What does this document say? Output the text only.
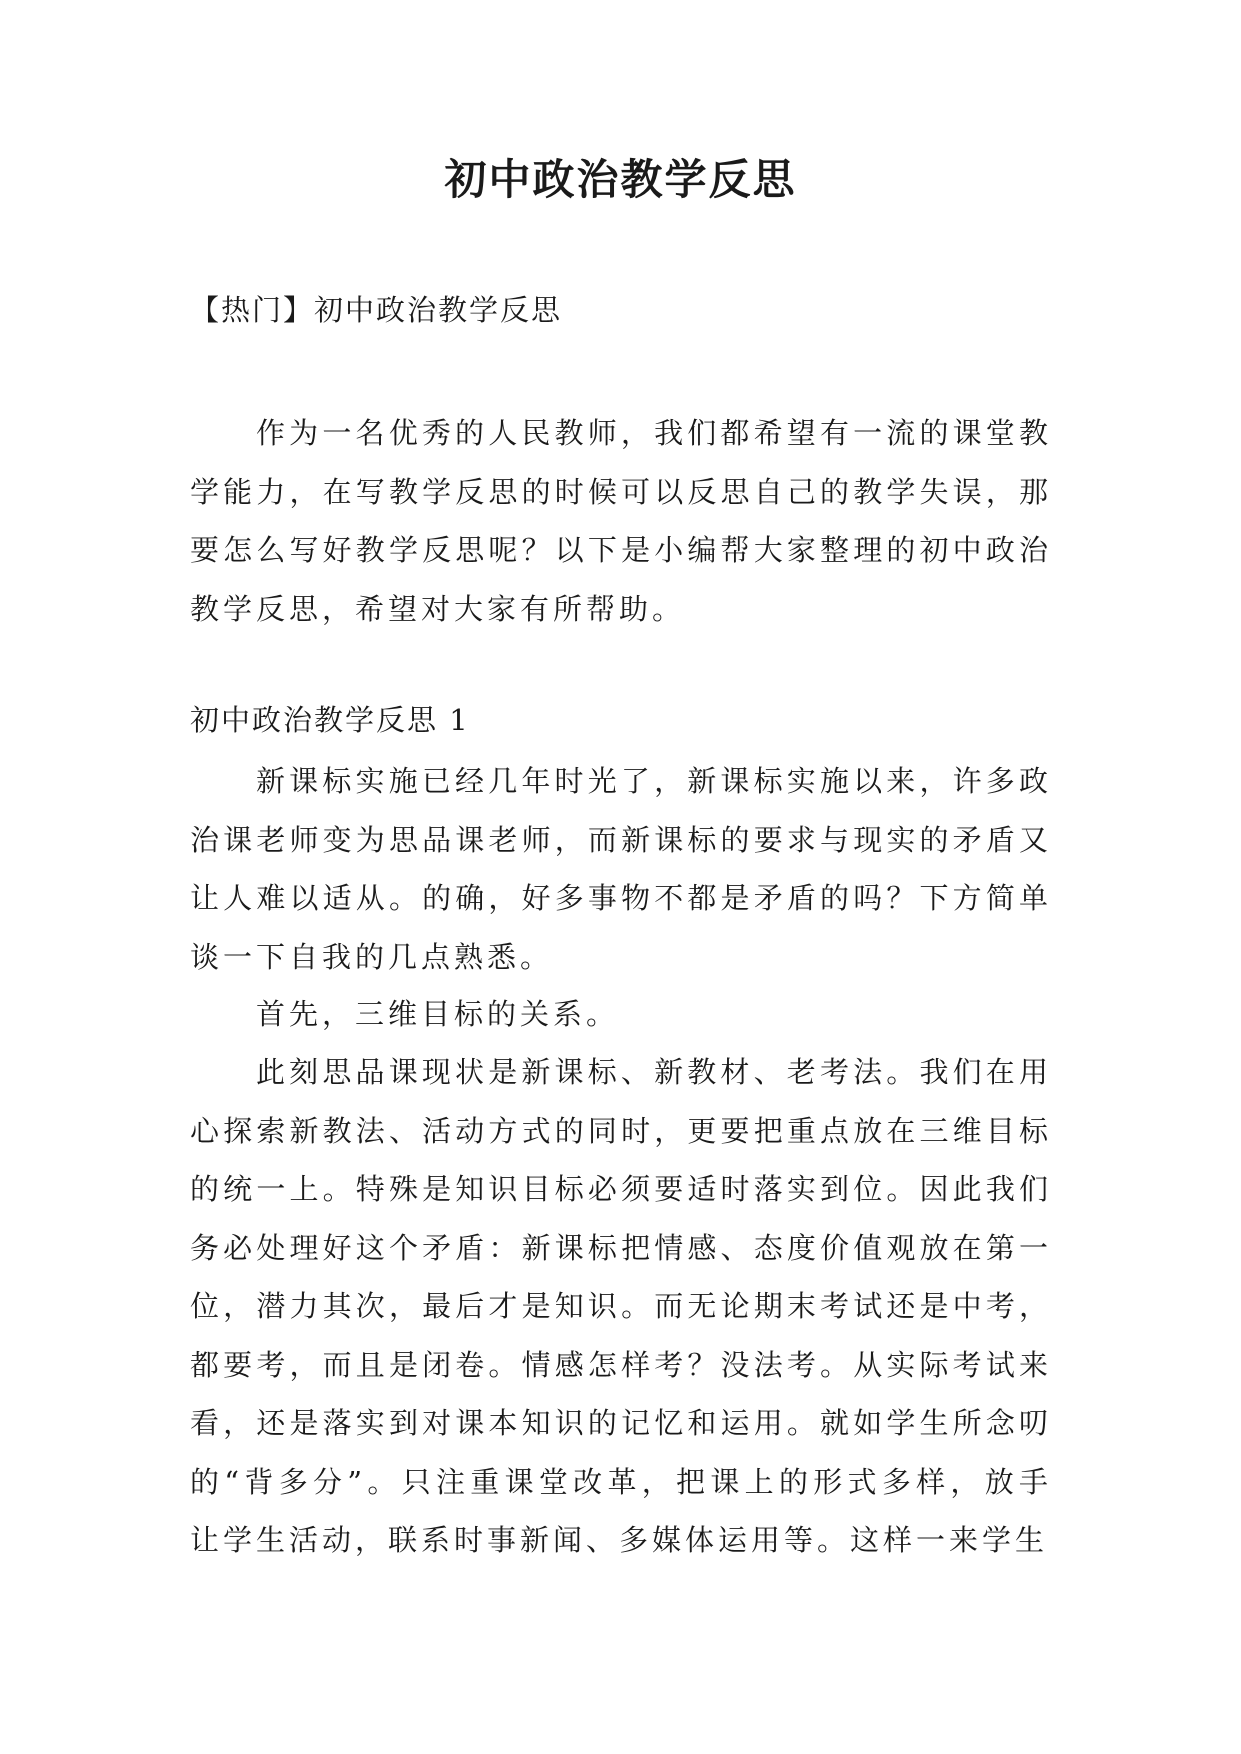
初中政治教学反思

【热门】初中政治教学反思

作为一名优秀的人民教师，我们都希望有一流的课堂教学能力，在写教学反思的时候可以反思自己的教学失误，那要怎么写好教学反思呢？以下是小编帮大家整理的初中政治教学反思，希望对大家有所帮助。

初中政治教学反思 1

新课标实施已经几年时光了，新课标实施以来，许多政治课老师变为思品课老师，而新课标的要求与现实的矛盾又让人难以适从。的确，好多事物不都是矛盾的吗？下方简单谈一下自我的几点熟悉。

首先，三维目标的关系。

此刻思品课现状是新课标、新教材、老考法。我们在用心探索新教法、活动方式的同时，更要把重点放在三维目标的统一上。特殊是知识目标必须要适时落实到位。因此我们务必处理好这个矛盾：新课标把情感、态度价值观放在第一位，潜力其次，最后才是知识。而无论期末考试还是中考，都要考，而且是闭卷。情感怎样考？没法考。从实际考试来看，还是落实到对课本知识的记忆和运用。就如学生所念叨的“背多分”。只注重课堂改革，把课上的形式多样，放手让学生活动，联系时事新闻、多媒体运用等。这样一来学生
